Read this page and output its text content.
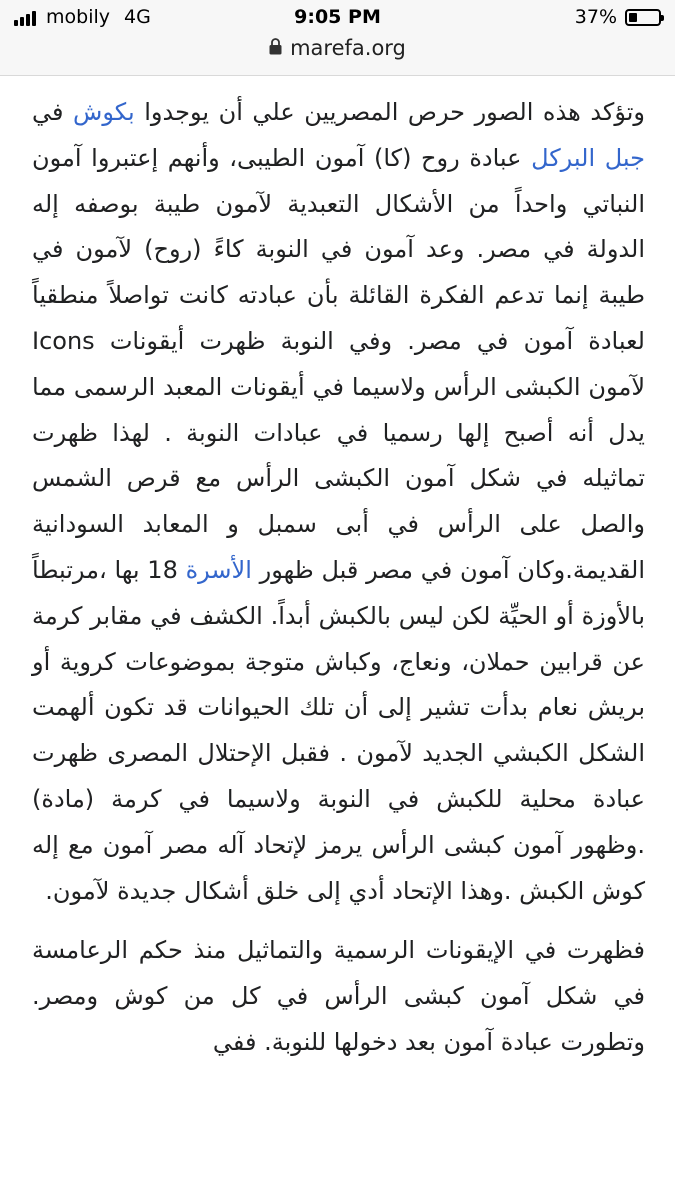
mobily 4G	9:05 PM	37%
marefa.org

وتؤكد هذه الصور حرص المصريين علي أن يوجدوا بكوش في جبل البركل عبادة روح (كا) آمون الطيبى، وأنهم إعتبروا آمون النباتي واحداً من الأشكال التعبدية لآمون طيبة بوصفه إله الدولة في مصر. وعد آمون في النوبة كاءً (روح) لآمون في طيبة إنما تدعم الفكرة القائلة بأن عبادته كانت تواصلاً منطقياً لعبادة آمون في مصر. وفي النوبة ظهرت أيقونات Icons لآمون الكبشى الرأس ولاسيما في أيقونات المعبد الرسمى مما يدل أنه أصبح إلها رسميا في عبادات النوبة . لهذا ظهرت تماثيله في شكل آمون الكبشى الرأس مع قرص الشمس والصل على الرأس في أبى سمبل و المعابد السودانية القديمة.وكان آمون في مصر قبل ظهور الأسرة 18 بها ،مرتبطاً بالأوزة أو الحيِّة لكن ليس بالكبش أبداً. الكشف في مقابر كرمة عن قرابين حملان، ونعاج، وكباش متوجة بموضوعات كروية أو بريش نعام بدأت تشير إلى أن تلك الحيوانات قد تكون ألهمت الشكل الكبشي الجديد لآمون . فقبل الإحتلال المصرى ظهرت عبادة محلية للكبش في النوبة ولاسيما في كرمة (مادة) .وظهور آمون كبشى الرأس يرمز لإتحاد آله مصر آمون مع إله كوش الكبش .وهذا الإتحاد أدي إلى خلق أشكال جديدة لآمون.

فظهرت في الإيقونات الرسمية والتماثيل منذ حكم الرعامسة في شكل آمون كبشى الرأس في كل من كوش ومصر. وتطورت عبادة آمون بعد دخولها للنوبة. ففي
